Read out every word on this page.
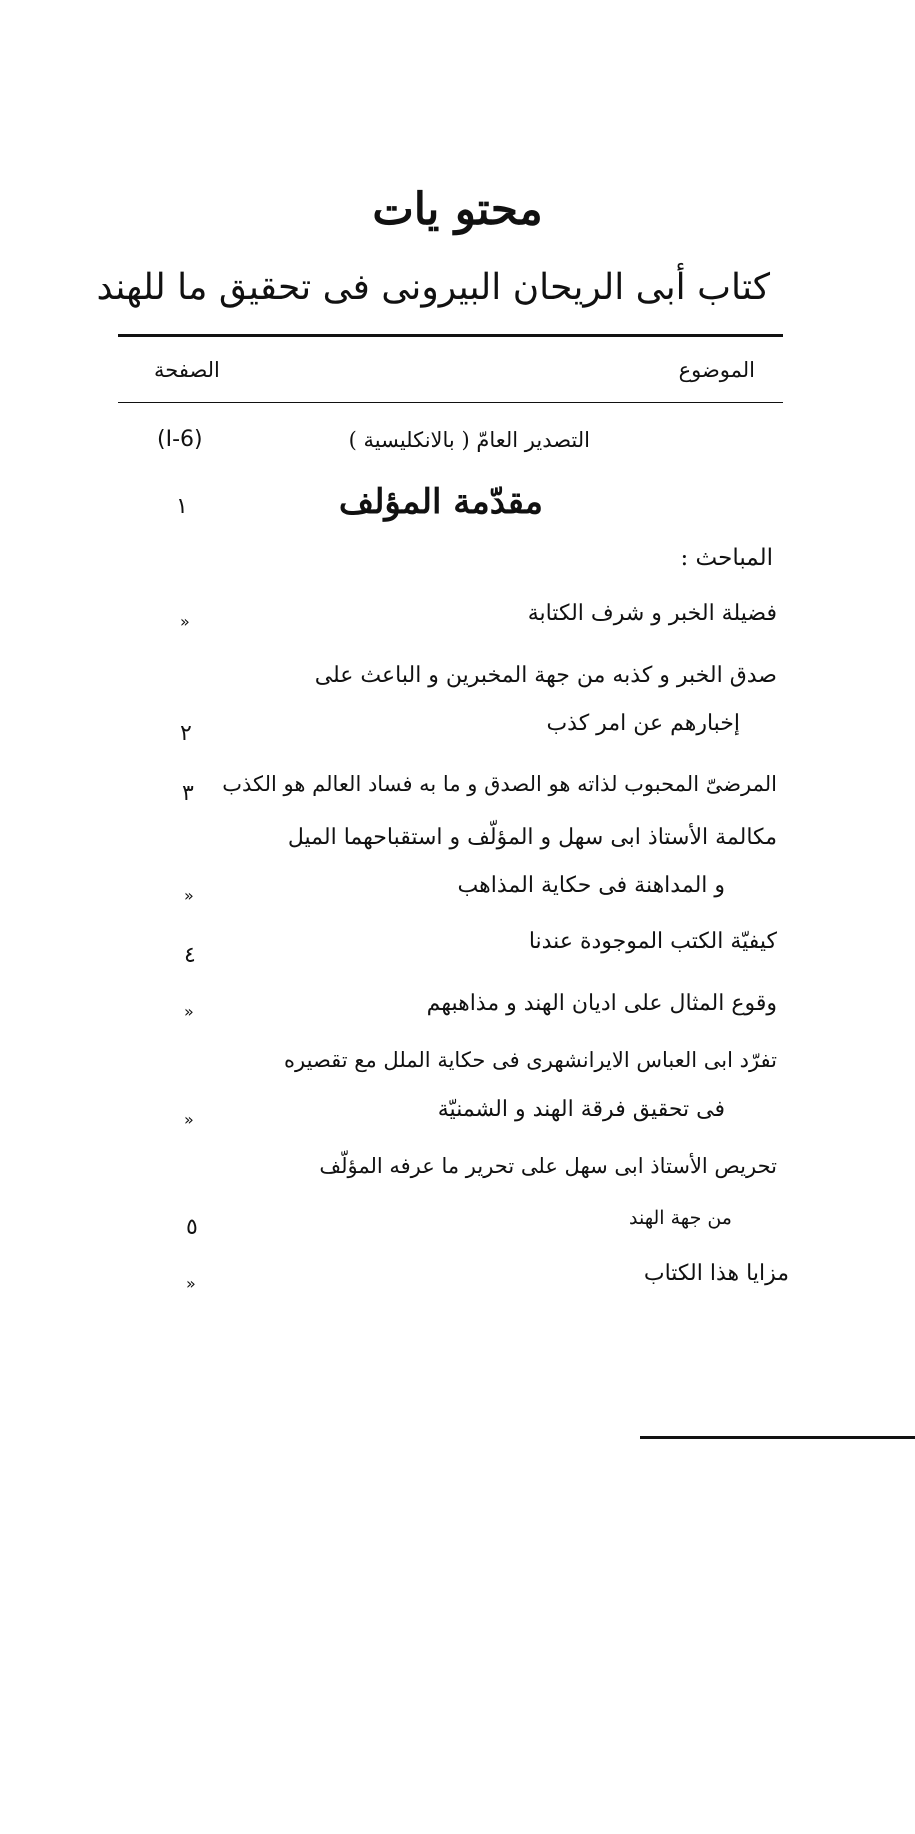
محتو يات
كتاب أبى الريحان البيرونى فى تحقيق ما للهند
الموضوع
الصفحة
التصدير العامّ ( بالانكليسية )
(I-6)
مقدّمة المؤلف
١
المباحث :
فضيلة الخبر و شرف الكتابة
»
صدق الخبر و كذبه من جهة المخبرين و الباعث على
إخبارهم عن امر كذب
٢
المرضىّ المحبوب لذاته هو الصدق و ما به فساد العالم هو الكذب
٣
مكالمة الأستاذ ابى سهل و المؤلّف و استقباحهما الميل
و المداهنة فى حكاية المذاهب
»
كيفيّة الكتب الموجودة عندنا
٤
وقوع المثال على اديان الهند و مذاهبهم
»
تفرّد ابى العباس الايرانشهرى فى حكاية الملل مع تقصيره
فى تحقيق فرقة الهند و الشمنيّة
»
تحريص الأستاذ ابى سهل على تحرير ما عرفه المؤلّف
من جهة الهند
٥
مزايا هذا الكتاب
»
